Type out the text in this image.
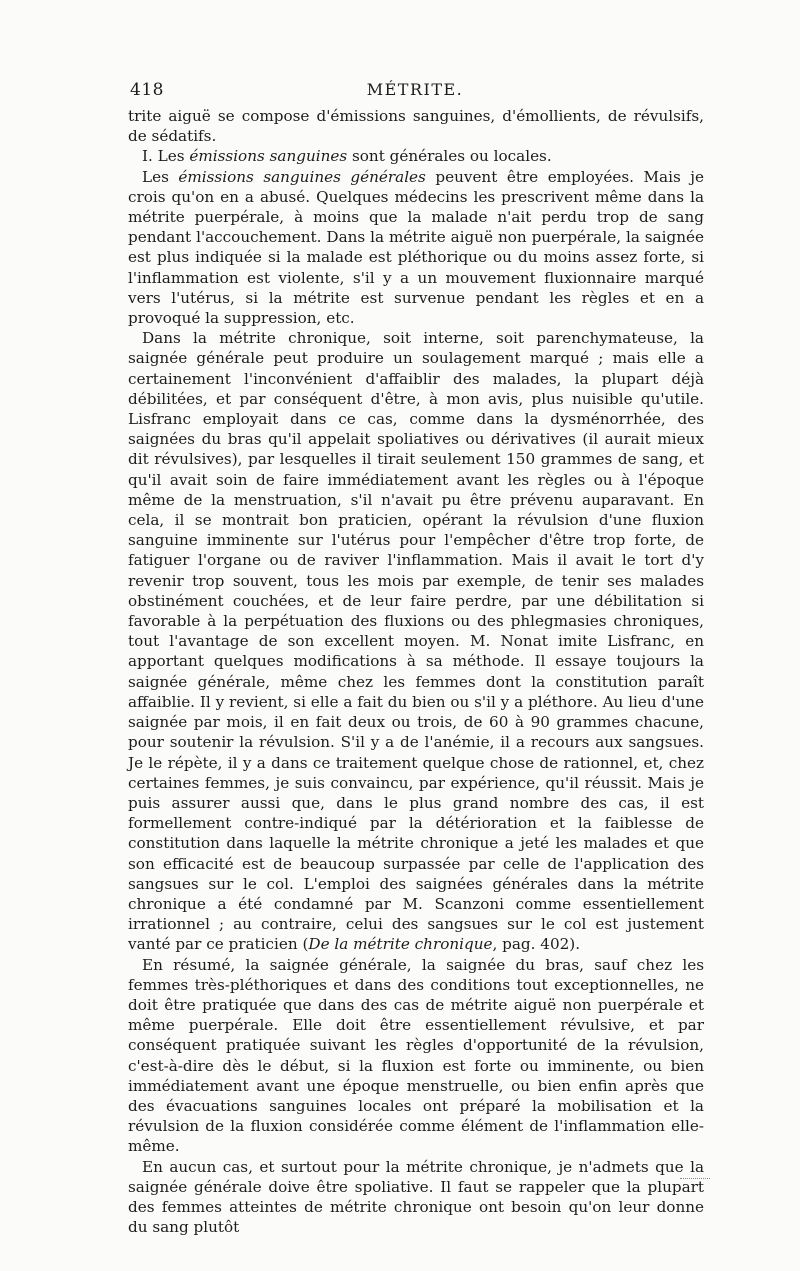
418	MÉTRITE.

trite aiguë se compose d'émissions sanguines, d'émollients, de révulsifs, de sédatifs.

I. Les émissions sanguines sont générales ou locales.

Les émissions sanguines générales peuvent être employées. Mais je crois qu'on en a abusé. Quelques médecins les prescrivent même dans la métrite puerpérale, à moins que la malade n'ait perdu trop de sang pendant l'accouchement. Dans la métrite aiguë non puerpérale, la saignée est plus indiquée si la malade est pléthorique ou du moins assez forte, si l'inflammation est violente, s'il y a un mouvement fluxionnaire marqué vers l'utérus, si la métrite est survenue pendant les règles et en a provoqué la suppression, etc.

Dans la métrite chronique, soit interne, soit parenchymateuse, la saignée générale peut produire un soulagement marqué ; mais elle a certainement l'inconvénient d'affaiblir des malades, la plupart déjà débilitées, et par conséquent d'être, à mon avis, plus nuisible qu'utile. Lisfranc employait dans ce cas, comme dans la dysménorrhée, des saignées du bras qu'il appelait spoliatives ou dérivatives (il aurait mieux dit révulsives), par lesquelles il tirait seulement 150 grammes de sang, et qu'il avait soin de faire immédiatement avant les règles ou à l'époque même de la menstruation, s'il n'avait pu être prévenu auparavant. En cela, il se montrait bon praticien, opérant la révulsion d'une fluxion sanguine imminente sur l'utérus pour l'empêcher d'être trop forte, de fatiguer l'organe ou de raviver l'inflammation. Mais il avait le tort d'y revenir trop souvent, tous les mois par exemple, de tenir ses malades obstinément couchées, et de leur faire perdre, par une débilitation si favorable à la perpétuation des fluxions ou des phlegmasies chroniques, tout l'avantage de son excellent moyen. M. Nonat imite Lisfranc, en apportant quelques modifications à sa méthode. Il essaye toujours la saignée générale, même chez les femmes dont la constitution paraît affaiblie. Il y revient, si elle a fait du bien ou s'il y a pléthore. Au lieu d'une saignée par mois, il en fait deux ou trois, de 60 à 90 grammes chacune, pour soutenir la révulsion. S'il y a de l'anémie, il a recours aux sangsues. Je le répète, il y a dans ce traitement quelque chose de rationnel, et, chez certaines femmes, je suis convaincu, par expérience, qu'il réussit. Mais je puis assurer aussi que, dans le plus grand nombre des cas, il est formellement contre-indiqué par la détérioration et la faiblesse de constitution dans laquelle la métrite chronique a jeté les malades et que son efficacité est de beaucoup surpassée par celle de l'application des sangsues sur le col. L'emploi des saignées générales dans la métrite chronique a été condamné par M. Scanzoni comme essentiellement irrationnel ; au contraire, celui des sangsues sur le col est justement vanté par ce praticien (De la métrite chronique, pag. 402).

En résumé, la saignée générale, la saignée du bras, sauf chez les femmes très-pléthoriques et dans des conditions tout exceptionnelles, ne doit être pratiquée que dans des cas de métrite aiguë non puerpérale et même puerpérale. Elle doit être essentiellement révulsive, et par conséquent pratiquée suivant les règles d'opportunité de la révulsion, c'est-à-dire dès le début, si la fluxion est forte ou imminente, ou bien immédiatement avant une époque menstruelle, ou bien enfin après que des évacuations sanguines locales ont préparé la mobilisation et la révulsion de la fluxion considérée comme élément de l'inflammation elle-même.

En aucun cas, et surtout pour la métrite chronique, je n'admets que la saignée générale doive être spoliative. Il faut se rappeler que la plupart des femmes atteintes de métrite chronique ont besoin qu'on leur donne du sang plutôt
